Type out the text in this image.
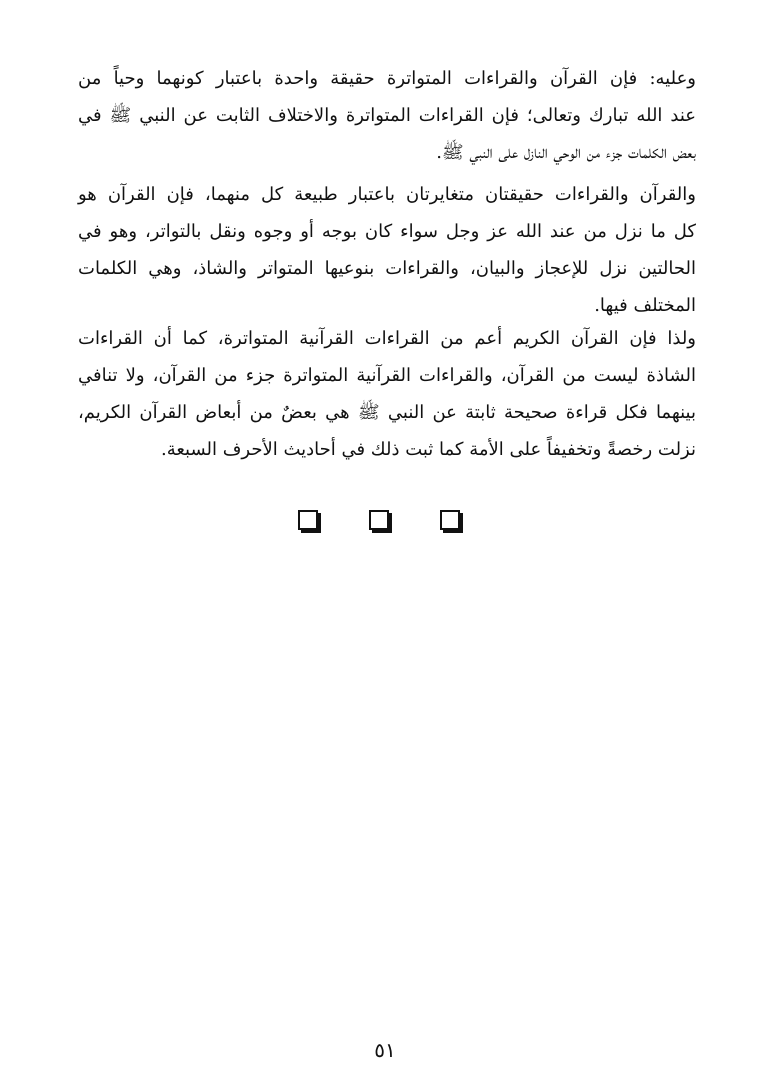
وعليه: فإن القرآن والقراءات المتواترة حقيقة واحدة باعتبار كونهما وحياً من
عند الله تبارك وتعالى؛ فإن القراءات المتواترة والاختلاف الثابت عن النبي ﷺ في
بعض الكلمات جزء من الوحي النازل على النبي ﷺ.
والقرآن والقراءات حقيقتان متغايرتان باعتبار طبيعة كل منهما، فإن القرآن هو
كل ما نزل من عند الله عز وجل سواء كان بوجه أو وجوه ونقل بالتواتر، وهو في
الحالتين نزل للإعجاز والبيان، والقراءات بنوعيها المتواتر والشاذ، وهي الكلمات
المختلف فيها.
ولذا فإن القرآن الكريم أعم من القراءات القرآنية المتواترة، كما أن القراءات
الشاذة ليست من القرآن، والقراءات القرآنية المتواترة جزء من القرآن، ولا تنافي
بينهما فكل قراءة صحيحة ثابتة عن النبي ﷺ هي بعضٌ من أبعاض القرآن الكريم،
نزلت رخصةً وتخفيفاً على الأمة كما ثبت ذلك في أحاديث الأحرف السبعة.
٥١
